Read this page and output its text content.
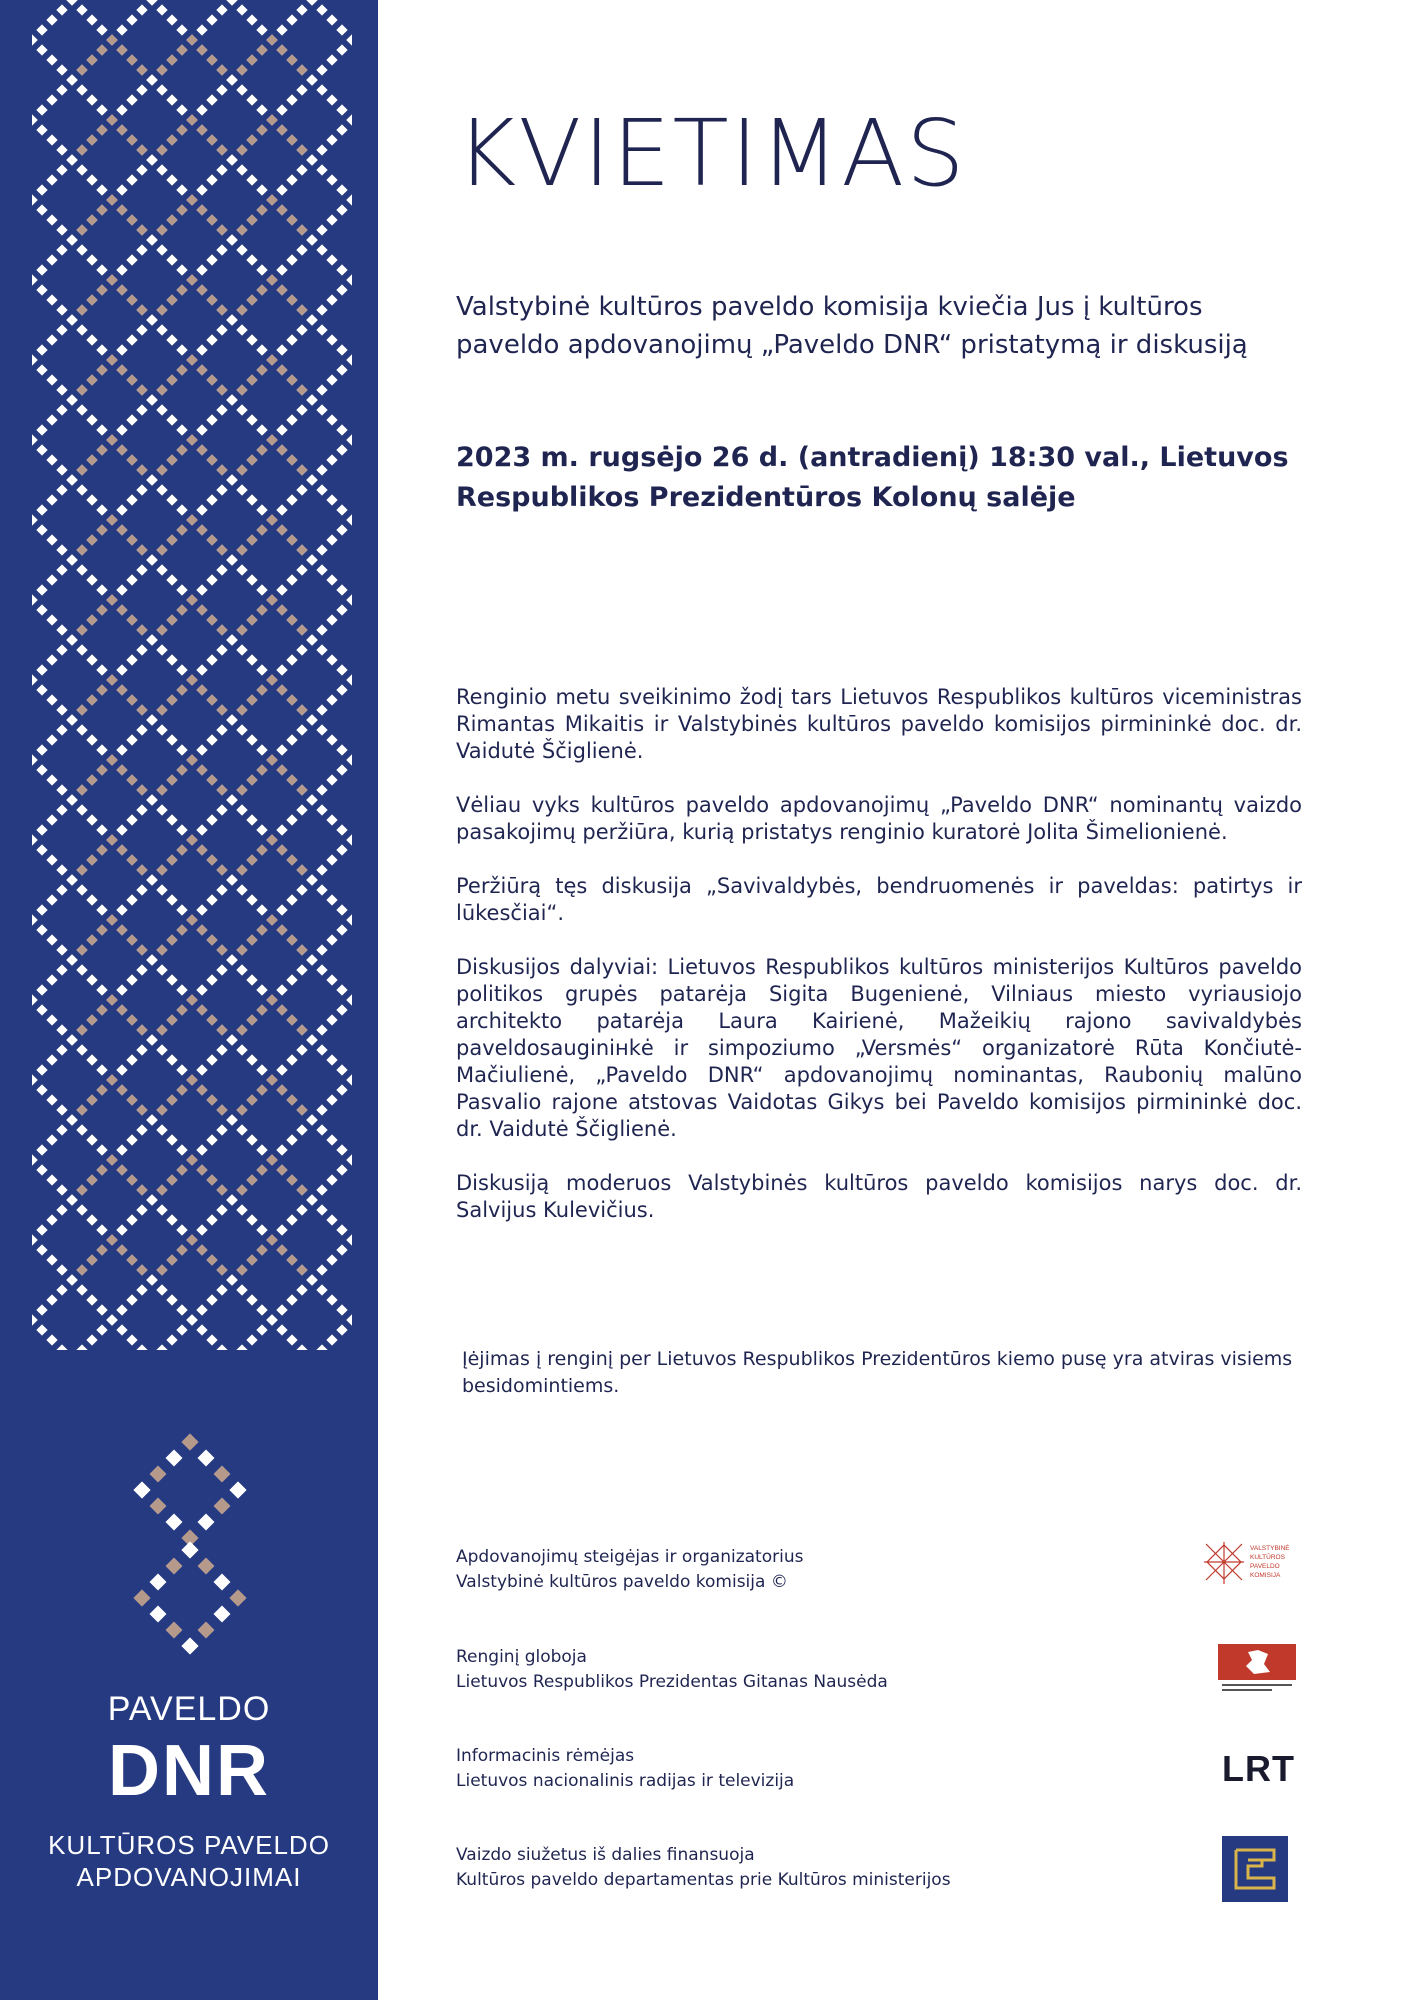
PAVELDO
DNR
KULTŪROS PAVELDO
APDOVANOJIMAI
KVIETIMAS
Valstybinė kultūros paveldo komisija kviečia Jus į kultūros paveldo apdovanojimų „Paveldo DNR“ pristatymą ir diskusiją
2023 m. rugsėjo 26 d. (antradienį) 18:30 val., Lietuvos Respublikos Prezidentūros Kolonų salėje

Renginio metu sveikinimo žodį tars Lietuvos Respublikos kultūros viceministras Rimantas Mikaitis ir Valstybinės kultūros paveldo komisijos pirmininkė doc. dr. Vaidutė Ščiglienė.

Vėliau vyks kultūros paveldo apdovanojimų „Paveldo DNR“ nominantų vaizdo pasakojimų peržiūra, kurią pristatys renginio kuratorė Jolita Šimelionienė.

Peržiūrą tęs diskusija „Savivaldybės, bendruomenės ir paveldas: patirtys ir lūkesčiai“.

Diskusijos dalyviai: Lietuvos Respublikos kultūros ministerijos Kultūros paveldo politikos grupės patarėja Sigita Bugenienė, Vilniaus miesto vyriausiojo architekto patarėja Laura Kairienė, Mažeikių rajono savivaldybės paveldosauginінkė ir simpoziumo „Versmės“ organizatorė Rūta Končiutė-Mačiulienė, „Paveldo DNR“ apdovanojimų nominantas, Raubonių malūno Pasvalio rajone atstovas Vaidotas Gikys bei Paveldo komisijos pirmininkė doc. dr. Vaidutė Ščiglienė.

Diskusiją moderuos Valstybinės kultūros paveldo komisijos narys doc. dr. Salvijus Kulevičius.

Įėjimas į renginį per Lietuvos Respublikos Prezidentūros kiemo pusę yra atviras visiems besidomintiems.
Apdovanojimų steigėjas ir organizatorius
Valstybinė kultūros paveldo komisija ©
Renginį globoja
Lietuvos Respublikos Prezidentas Gitanas Nausėda
Informacinis rėmėjas
Lietuvos nacionalinis radijas ir televizija
Vaizdo siužetus iš dalies finansuoja
Kultūros paveldo departamentas prie Kultūros ministerijos
VALSTYBINĖ
KULTŪROS
PAVELDO
KOMISIJA
LRT
